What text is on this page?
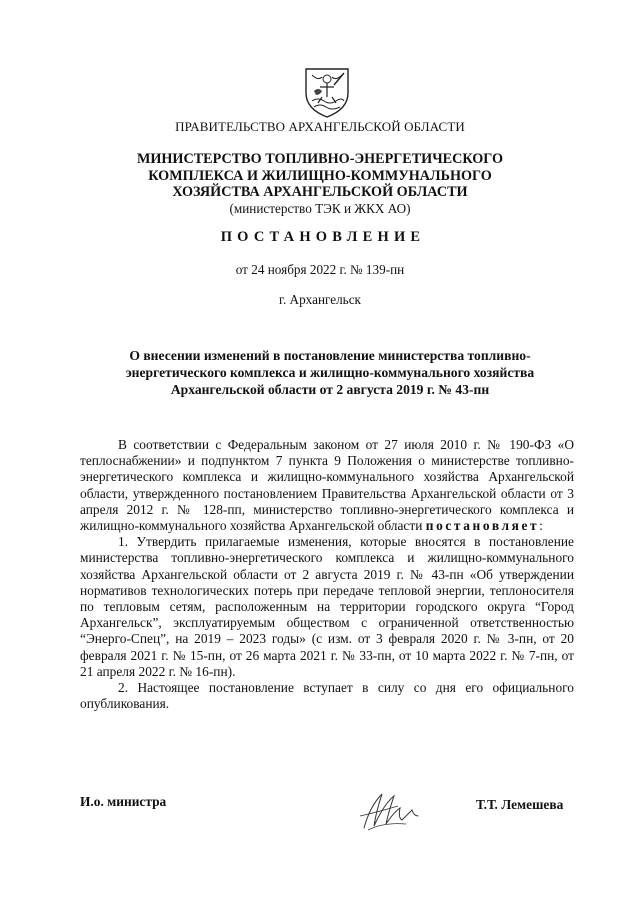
ПРАВИТЕЛЬСТВО АРХАНГЕЛЬСКОЙ ОБЛАСТИ
МИНИСТЕРСТВО ТОПЛИВНО-ЭНЕРГЕТИЧЕСКОГО
КОМПЛЕКСА И ЖИЛИЩНО-КОММУНАЛЬНОГО
ХОЗЯЙСТВА АРХАНГЕЛЬСКОЙ ОБЛАСТИ
(министерство ТЭК и ЖКХ АО)
ПОСТАНОВЛЕНИЕ
от 24 ноября 2022 г. № 139-пн
г. Архангельск
О внесении изменений в постановление министерства топливно-энергетического комплекса и жилищно-коммунального хозяйства Архангельской области от 2 августа 2019 г. № 43-пн

В соответствии с Федеральным законом от 27 июля 2010 г. № 190-ФЗ «О теплоснабжении» и подпунктом 7 пункта 9 Положения о министерстве топливно-энергетического комплекса и жилищно-коммунального хозяйства Архангельской области, утвержденного постановлением Правительства Архангельской области от 3 апреля 2012 г. № 128-пп, министерство топливно-энергетического комплекса и жилищно-коммунального хозяйства Архангельской области постановляет:

1. Утвердить прилагаемые изменения, которые вносятся в постановление министерства топливно-энергетического комплекса и жилищно-коммунального хозяйства Архангельской области от 2 августа 2019 г. № 43-пн «Об утверждении нормативов технологических потерь при передаче тепловой энергии, теплоносителя по тепловым сетям, расположенным на территории городского округа “Город Архангельск”, эксплуатируемым обществом с ограниченной ответственностью “Энерго-Спец”, на 2019 – 2023 годы» (с изм. от 3 февраля 2020 г. № 3-пн, от 20 февраля 2021 г. № 15-пн, от 26 марта 2021 г. № 33-пн, от 10 марта 2022 г. № 7-пн, от 21 апреля 2022 г. № 16-пн).

2. Настоящее постановление вступает в силу со дня его официального опубликования.

И.о. министра	Т.Т. Лемешева
